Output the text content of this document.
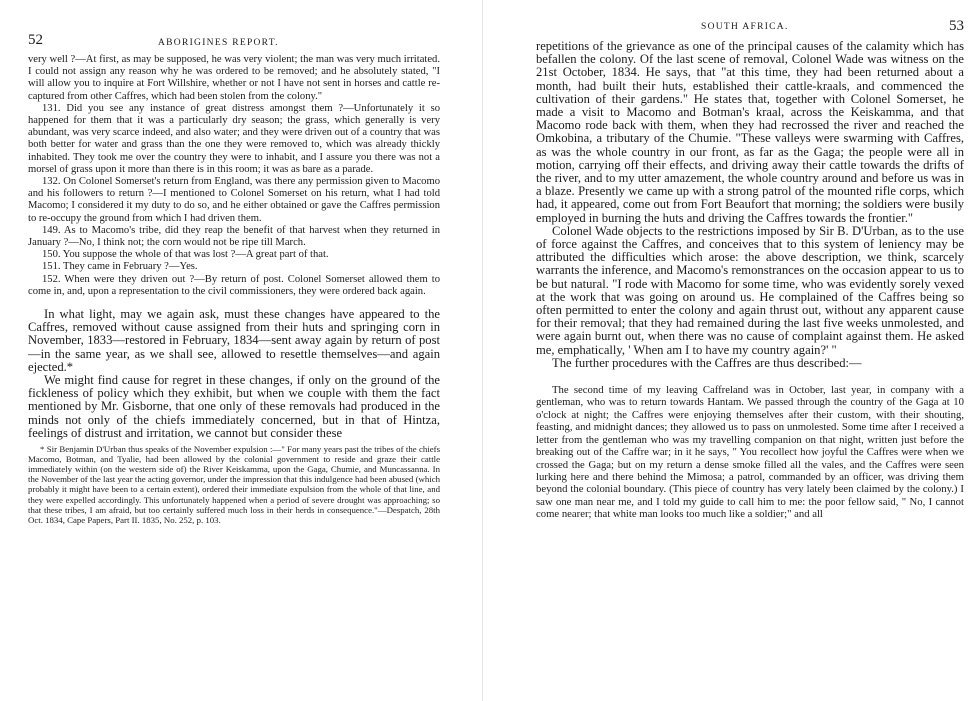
52	ABORIGINES REPORT.

very well ?—At first, as may be supposed, he was very violent; the man was very much irritated. I could not assign any reason why he was ordered to be removed; and he absolutely stated, "I will allow you to inquire at Fort Willshire, whether or not I have not sent in horses and cattle re-captured from other Caffres, which had been stolen from the colony."

131. Did you see any instance of great distress amongst them ?—Unfortunately it so happened for them that it was a particularly dry season; the grass, which generally is very abundant, was very scarce indeed, and also water; and they were driven out of a country that was both better for water and grass than the one they were removed to, which was already thickly inhabited. They took me over the country they were to inhabit, and I assure you there was not a morsel of grass upon it more than there is in this room; it was as bare as a parade.

132. On Colonel Somerset's return from England, was there any permission given to Macomo and his followers to return ?—I mentioned to Colonel Somerset on his return, what I had told Macomo; I considered it my duty to do so, and he either obtained or gave the Caffres permission to re-occupy the ground from which I had driven them.

149. As to Macomo's tribe, did they reap the benefit of that harvest when they returned in January ?—No, I think not; the corn would not be ripe till March.

150. You suppose the whole of that was lost ?—A great part of that.

151. They came in February ?—Yes.

152. When were they driven out ?—By return of post. Colonel Somerset allowed them to come in, and, upon a representation to the civil commissioners, they were ordered back again.

In what light, may we again ask, must these changes have appeared to the Caffres, removed without cause assigned from their huts and springing corn in November, 1833—restored in February, 1834—sent away again by return of post—in the same year, as we shall see, allowed to resettle themselves—and again ejected.*

We might find cause for regret in these changes, if only on the ground of the fickleness of policy which they exhibit, but when we couple with them the fact mentioned by Mr. Gisborne, that one only of these removals had produced in the minds not only of the chiefs immediately concerned, but in that of Hintza, feelings of distrust and irritation, we cannot but consider these

* Sir Benjamin D'Urban thus speaks of the November expulsion :—" For many years past the tribes of the chiefs Macomo, Botman, and Tyalie, had been allowed by the colonial government to reside and graze their cattle immediately within (on the western side of) the River Keiskamma, upon the Gaga, Chumie, and Muncassanna. In the November of the last year the acting governor, under the impression that this indulgence had been abused (which probably it might have been to a certain extent), ordered their immediate expulsion from the whole of that line, and they were expelled accordingly. This unfortunately happened when a period of severe drought was approaching; so that these tribes, I am afraid, but too certainly suffered much loss in their herds in consequence."—Despatch, 28th Oct. 1834, Cape Papers, Part II. 1835, No. 252, p. 103.

SOUTH AFRICA.	53

repetitions of the grievance as one of the principal causes of the calamity which has befallen the colony. Of the last scene of removal, Colonel Wade was witness on the 21st October, 1834. He says, that "at this time, they had been returned about a month, had built their huts, established their cattle-kraals, and commenced the cultivation of their gardens." He states that, together with Colonel Somerset, he made a visit to Macomo and Botman's kraal, across the Keiskamma, and that Macomo rode back with them, when they had recrossed the river and reached the Omkobina, a tributary of the Chumie. "These valleys were swarming with Caffres, as was the whole country in our front, as far as the Gaga; the people were all in motion, carrying off their effects, and driving away their cattle towards the drifts of the river, and to my utter amazement, the whole country around and before us was in a blaze. Presently we came up with a strong patrol of the mounted rifle corps, which had, it appeared, come out from Fort Beaufort that morning; the soldiers were busily employed in burning the huts and driving the Caffres towards the frontier."

Colonel Wade objects to the restrictions imposed by Sir B. D'Urban, as to the use of force against the Caffres, and conceives that to this system of leniency may be attributed the difficulties which arose: the above description, we think, scarcely warrants the inference, and Macomo's remonstrances on the occasion appear to us to be but natural. "I rode with Macomo for some time, who was evidently sorely vexed at the work that was going on around us. He complained of the Caffres being so often permitted to enter the colony and again thrust out, without any apparent cause for their removal; that they had remained during the last five weeks unmolested, and were again burnt out, when there was no cause of complaint against them. He asked me, emphatically, ' When am I to have my country again?' "

The further procedures with the Caffres are thus described:—

The second time of my leaving Caffreland was in October, last year, in company with a gentleman, who was to return towards Hantam. We passed through the country of the Gaga at 10 o'clock at night; the Caffres were enjoying themselves after their custom, with their shouting, feasting, and midnight dances; they allowed us to pass on unmolested. Some time after I received a letter from the gentleman who was my travelling companion on that night, written just before the breaking out of the Caffre war; in it he says, " You recollect how joyful the Caffres were when we crossed the Gaga; but on my return a dense smoke filled all the vales, and the Caffres were seen lurking here and there behind the Mimosa; a patrol, commanded by an officer, was driving them beyond the colonial boundary. (This piece of country has very lately been claimed by the colony.) I saw one man near me, and I told my guide to call him to me: the poor fellow said, " No, I cannot come nearer; that white man looks too much like a soldier;" and all
